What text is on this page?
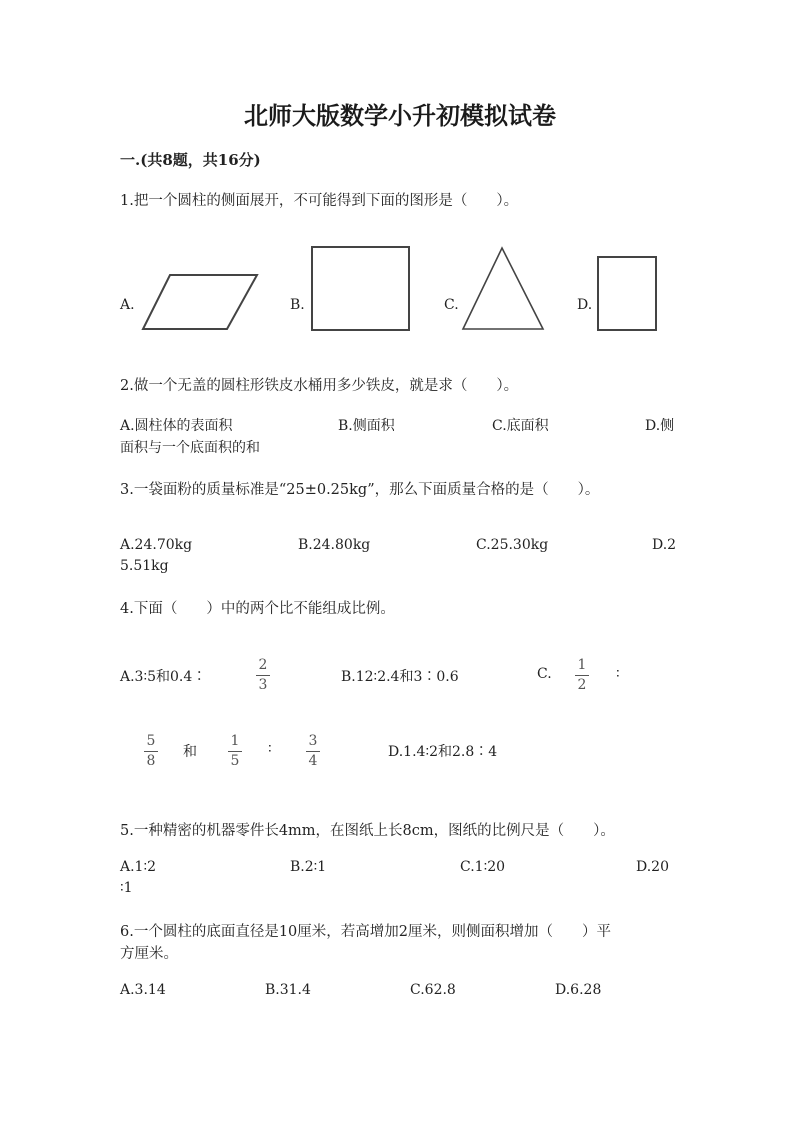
北师大版数学小升初模拟试卷
一.(共8题，共16分)
1.把一个圆柱的侧面展开，不可能得到下面的图形是（　　）。
A.	B.	C.	D.
2.做一个无盖的圆柱形铁皮水桶用多少铁皮，就是求（　　）。
A.圆柱体的表面积	B.侧面积	C.底面积	D.侧
面积与一个底面积的和
3.一袋面粉的质量标准是“25±0.25kg”，那么下面质量合格的是（　　）。
A.24.70kg	B.24.80kg	C.25.30kg	D.2
5.51kg
4.下面（　　）中的两个比不能组成比例。
A.3∶5和0.4∶
2
3	B.12∶2.4和3∶0.6	C.
1
2
∶
5
8
和
1
5
∶	3
4
D.1.4∶2和2.8∶4
5.一种精密的机器零件长4mm，在图纸上长8cm，图纸的比例尺是（　　）。
A.1∶2	B.2∶1	C.1∶20	D.20
∶1
6.一个圆柱的底面直径是10厘米，若高增加2厘米，则侧面积增加（　　）平
方厘米。
A.3.14	B.31.4	C.62.8	D.6.28
